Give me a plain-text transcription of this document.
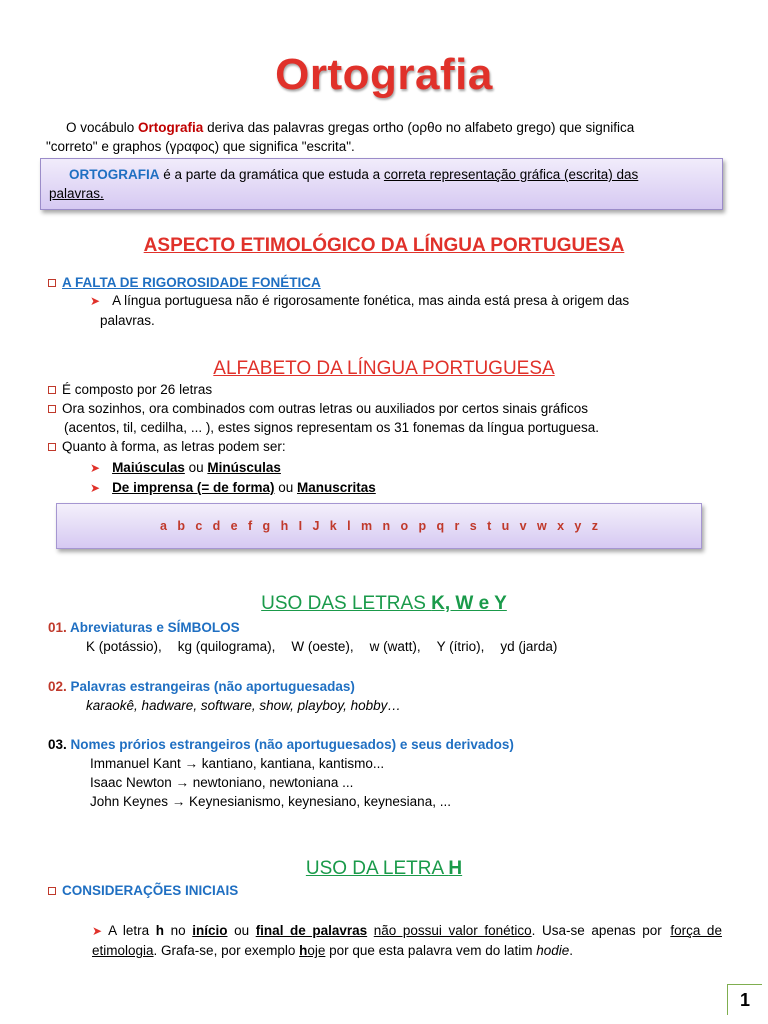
Ortografia
O vocábulo Ortografia deriva das palavras gregas ortho (ορθο no alfabeto grego) que significa
"correto" e graphos (γραφος) que significa "escrita".
ORTOGRAFIA é a parte da gramática que estuda a correta representação gráfica (escrita) das
palavras.
ASPECTO ETIMOLÓGICO DA LÍNGUA PORTUGUESA
A FALTA DE RIGOROSIDADE FONÉTICA
➤ A língua portuguesa não é rigorosamente fonética, mas ainda está presa à origem das
palavras.
ALFABETO DA LÍNGUA PORTUGUESA
É composto por 26 letras
Ora sozinhos, ora combinados com outras letras ou auxiliados por certos sinais gráficos
(acentos, til, cedilha, ... ), estes signos representam os 31 fonemas da língua portuguesa.
Quanto à forma, as letras podem ser:
➤ Maiúsculas ou Minúsculas
➤ De imprensa (= de forma) ou Manuscritas
a b c d e f g h I J k l m n o p q r s t u v w x y z
USO DAS LETRAS K, W e Y
01. Abreviaturas e SÍMBOLOS
K (potássio), kg (quilograma), W (oeste), w (watt), Y (ítrio), yd (jarda)
02. Palavras estrangeiras (não aportuguesadas)
karaokê, hadware, software, show, playboy, hobby…
03. Nomes prórios estrangeiros (não aportuguesados) e seus derivados)
Immanuel Kant → kantiano, kantiana, kantismo...
Isaac Newton → newtoniano, newtoniana ...
John Keynes → Keynesianismo, keynesiano, keynesiana, ...
USO DA LETRA H
CONSIDERAÇÕES INICIAIS
➤ A letra h no início ou final de palavras não possui valor fonético. Usa-se apenas por força de etimologia. Grafa-se, por exemplo hoje por que esta palavra vem do latim hodie.
1
